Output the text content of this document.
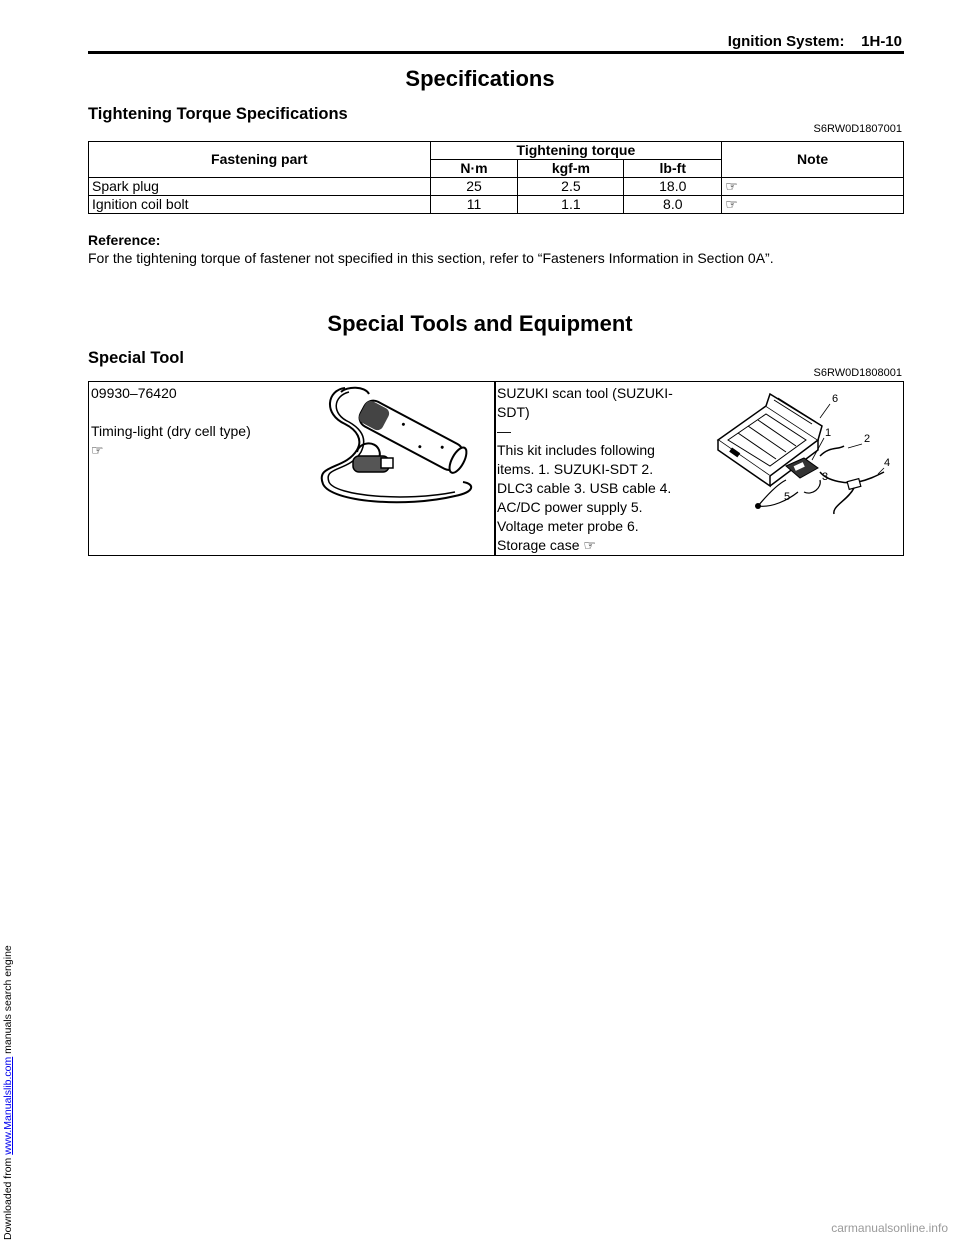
Downloaded from www.Manualslib.com manuals search engine
Ignition System:    1H-10
Specifications
Tightening Torque Specifications
S6RW0D1807001
Fastening part	Tightening torque			Note
	N·m	kgf-m	lb-ft	
Spark plug	25	2.5	18.0	☞
Ignition coil bolt	11	1.1	8.0	☞
Reference:
For the tightening torque of fastener not specified in this section, refer to “Fasteners Information in Section 0A”.
Special Tools and Equipment
Special Tool
S6RW0D1808001
09930–76420
Timing-light (dry cell type)
☞
SUZUKI scan tool (SUZUKI-
SDT)
—
This kit includes following
items. 1. SUZUKI-SDT 2.
DLC3 cable 3. USB cable 4.
AC/DC power supply 5.
Voltage meter probe 6.
Storage case ☞
6
1	2
4
3
5
carmanualsonline.info
